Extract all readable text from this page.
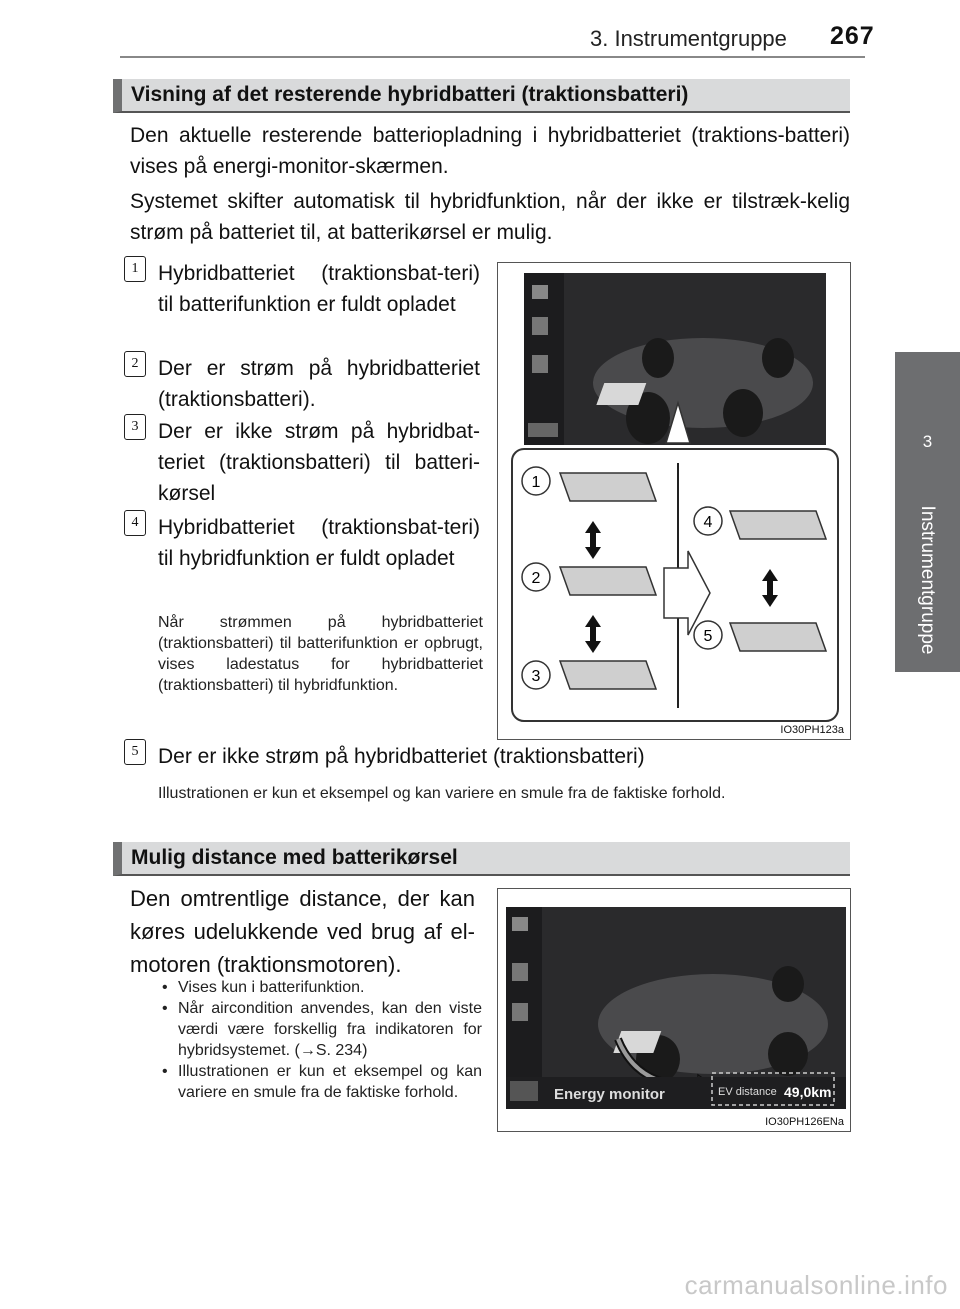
3. Instrumentgruppe 267
3
Instrumentgruppe
Visning af det resterende hybridbatteri (traktionsbatteri)
Den aktuelle resterende batteriopladning i hybridbatteriet (traktions-batteri) vises på energi-monitor-skærmen.
Systemet skifter automatisk til hybridfunktion, når der ikke er tilstræk-kelig strøm på batteriet til, at batterikørsel er mulig.
1 Hybridbatteriet (traktionsbat-teri) til batterifunktion er fuldt opladet
2 Der er strøm på hybridbatteriet (traktionsbatteri).
3 Der er ikke strøm på hybridbat-teriet (traktionsbatteri) til batteri-kørsel
4 Hybridbatteriet (traktionsbat-teri) til hybridfunktion er fuldt opladet
Når strømmen på hybridbatteriet (traktionsbatteri) til batterifunktion er opbrugt, vises ladestatus for hybridbatteriet (traktionsbatteri) til hybridfunktion.
1
2
3
4
5
IO30PH123a
5 Der er ikke strøm på hybridbatteriet (traktionsbatteri)
Illustrationen er kun et eksempel og kan variere en smule fra de faktiske forhold.
Mulig distance med batterikørsel
Den omtrentlige distance, der kan køres udelukkende ved brug af el-motoren (traktionsmotoren).
• Vises kun i batterifunktion.
• Når aircondition anvendes, kan den viste værdi være forskellig fra indikatoren for hybridsystemet. (→S. 234)
• Illustrationen er kun et eksempel og kan variere en smule fra de faktiske forhold.	Energy monitor	EV distance 49,0km
IO30PH126ENa
carmanualsonline.info
